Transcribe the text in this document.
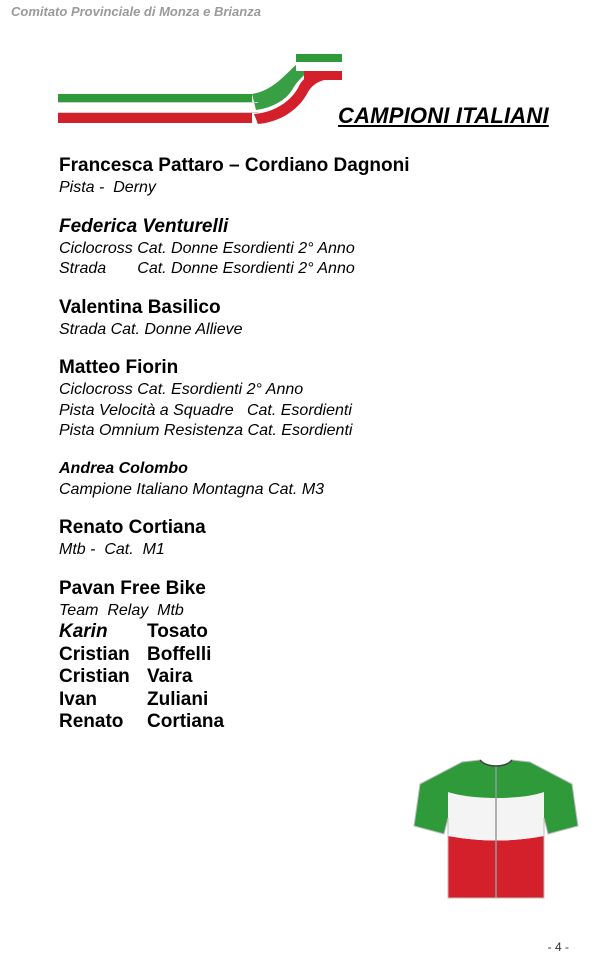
Comitato Provinciale di Monza e Brianza
CAMPIONI ITALIANI
Francesca Pattaro – Cordiano Dagnoni
Pista -  Derny
Federica Venturelli
Ciclocross Cat. Donne Esordienti 2° Anno
Strada       Cat. Donne Esordienti 2° Anno
Valentina Basilico
Strada Cat. Donne Allieve
Matteo Fiorin
Ciclocross Cat. Esordienti 2° Anno
Pista Velocità a Squadre   Cat. Esordienti
Pista Omnium Resistenza Cat. Esordienti
Andrea Colombo
Campione Italiano Montagna Cat. M3
Renato Cortiana
Mtb -  Cat.  M1
Pavan Free Bike
Team  Relay  Mtb
Karin	Tosato
Cristian Boffelli
Cristian Vaira
Ivan	Zuliani
Renato	Cortiana
- 4 -
